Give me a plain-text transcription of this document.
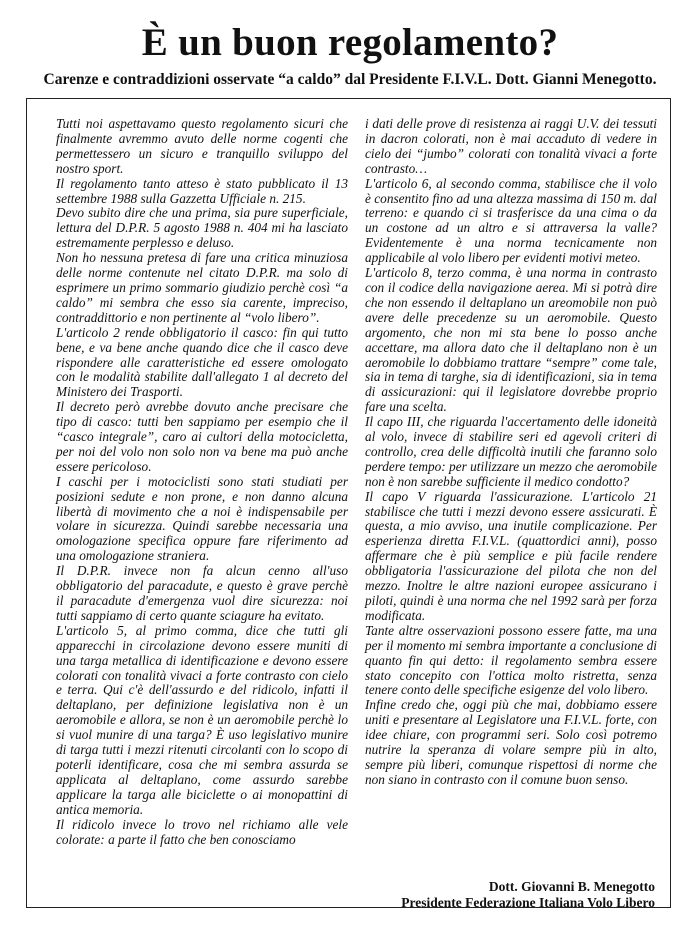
È un buon regolamento?
Carenze e contraddizioni osservate “a caldo” dal Presidente F.I.V.L. Dott. Gianni Menegotto.

Tutti noi aspettavamo questo regolamento sicuri che finalmente avremmo avuto delle norme cogenti che permettessero un sicuro e tranquillo sviluppo del nostro sport.

Il regolamento tanto atteso è stato pubblicato il 13 settembre 1988 sulla Gazzetta Ufficiale n. 215.

Devo subito dire che una prima, sia pure superficiale, lettura del D.P.R. 5 agosto 1988 n. 404 mi ha lasciato estremamente perplesso e deluso.

Non ho nessuna pretesa di fare una critica minuziosa delle norme contenute nel citato D.P.R. ma solo di esprimere un primo sommario giudizio perchè così “a caldo” mi sembra che esso sia carente, impreciso, contraddittorio e non pertinente al “volo libero”.

L'articolo 2 rende obbligatorio il casco: fin qui tutto bene, e va bene anche quando dice che il casco deve rispondere alle caratteristiche ed essere omologato con le modalità stabilite dall'allegato 1 al decreto del Ministero dei Trasporti.

Il decreto però avrebbe dovuto anche precisare che tipo di casco: tutti ben sappiamo per esempio che il “casco integrale”, caro ai cultori della motocicletta, per noi del volo non solo non va bene ma può anche essere pericoloso.

I caschi per i motociclisti sono stati studiati per posizioni sedute e non prone, e non danno alcuna libertà di movimento che a noi è indispensabile per volare in sicurezza. Quindi sarebbe necessaria una omologazione specifica oppure fare riferimento ad una omologazione straniera.

Il D.P.R. invece non fa alcun cenno all'uso obbligatorio del paracadute, e questo è grave perchè il paracadute d'emergenza vuol dire sicurezza: noi tutti sappiamo di certo quante sciagure ha evitato.

L'articolo 5, al primo comma, dice che tutti gli apparecchi in circolazione devono essere muniti di una targa metallica di identificazione e devono essere colorati con tonalità vivaci a forte contrasto con cielo e terra. Qui c'è dell'assurdo e del ridicolo, infatti il deltaplano, per definizione legislativa non è un aeromobile e allora, se non è un aeromobile perchè lo si vuol munire di una targa? È uso legislativo munire di targa tutti i mezzi ritenuti circolanti con lo scopo di poterli identificare, cosa che mi sembra assurda se applicata al deltaplano, come assurdo sarebbe applicare la targa alle biciclette o ai monopattini di antica memoria.

Il ridicolo invece lo trovo nel richiamo alle vele colorate: a parte il fatto che ben conosciamo

i dati delle prove di resistenza ai raggi U.V. dei tessuti in dacron colorati, non è mai accaduto di vedere in cielo dei “jumbo” colorati con tonalità vivaci a forte contrasto…

L'articolo 6, al secondo comma, stabilisce che il volo è consentito fino ad una altezza massima di 150 m. dal terreno: e quando ci si trasferisce da una cima o da un costone ad un altro e si attraversa la valle? Evidentemente è una norma tecnicamente non applicabile al volo libero per evidenti motivi meteo.

L'articolo 8, terzo comma, è una norma in contrasto con il codice della navigazione aerea. Mi si potrà dire che non essendo il deltaplano un areomobile non può avere delle precedenze su un aeromobile. Questo argomento, che non mi sta bene lo posso anche accettare, ma allora dato che il deltaplano non è un aeromobile lo dobbiamo trattare “sempre” come tale, sia in tema di targhe, sia di identificazioni, sia in tema di assicurazioni: qui il legislatore dovrebbe proprio fare una scelta.

Il capo III, che riguarda l'accertamento delle idoneità al volo, invece di stabilire seri ed agevoli criteri di controllo, crea delle difficoltà inutili che faranno solo perdere tempo: per utilizzare un mezzo che aeromobile non è non sarebbe sufficiente il medico condotto?

Il capo V riguarda l'assicurazione. L'articolo 21 stabilisce che tutti i mezzi devono essere assicurati. È questa, a mio avviso, una inutile complicazione. Per esperienza diretta F.I.V.L. (quattordici anni), posso affermare che è più semplice e più facile rendere obbligatoria l'assicurazione del pilota che non del mezzo. Inoltre le altre nazioni europee assicurano i piloti, quindi è una norma che nel 1992 sarà per forza modificata.

Tante altre osservazioni possono essere fatte, ma una per il momento mi sembra importante a conclusione di quanto fin qui detto: il regolamento sembra essere stato concepito con l'ottica molto ristretta, senza tenere conto delle specifiche esigenze del volo libero.

Infine credo che, oggi più che mai, dobbiamo essere uniti e presentare al Legislatore una F.I.V.L. forte, con idee chiare, con programmi seri. Solo così potremo nutrire la speranza di volare sempre più in alto, sempre più liberi, comunque rispettosi di norme che non siano in contrasto con il comune buon senso.

Dott. Giovanni B. Menegotto
Presidente Federazione Italiana Volo Libero
